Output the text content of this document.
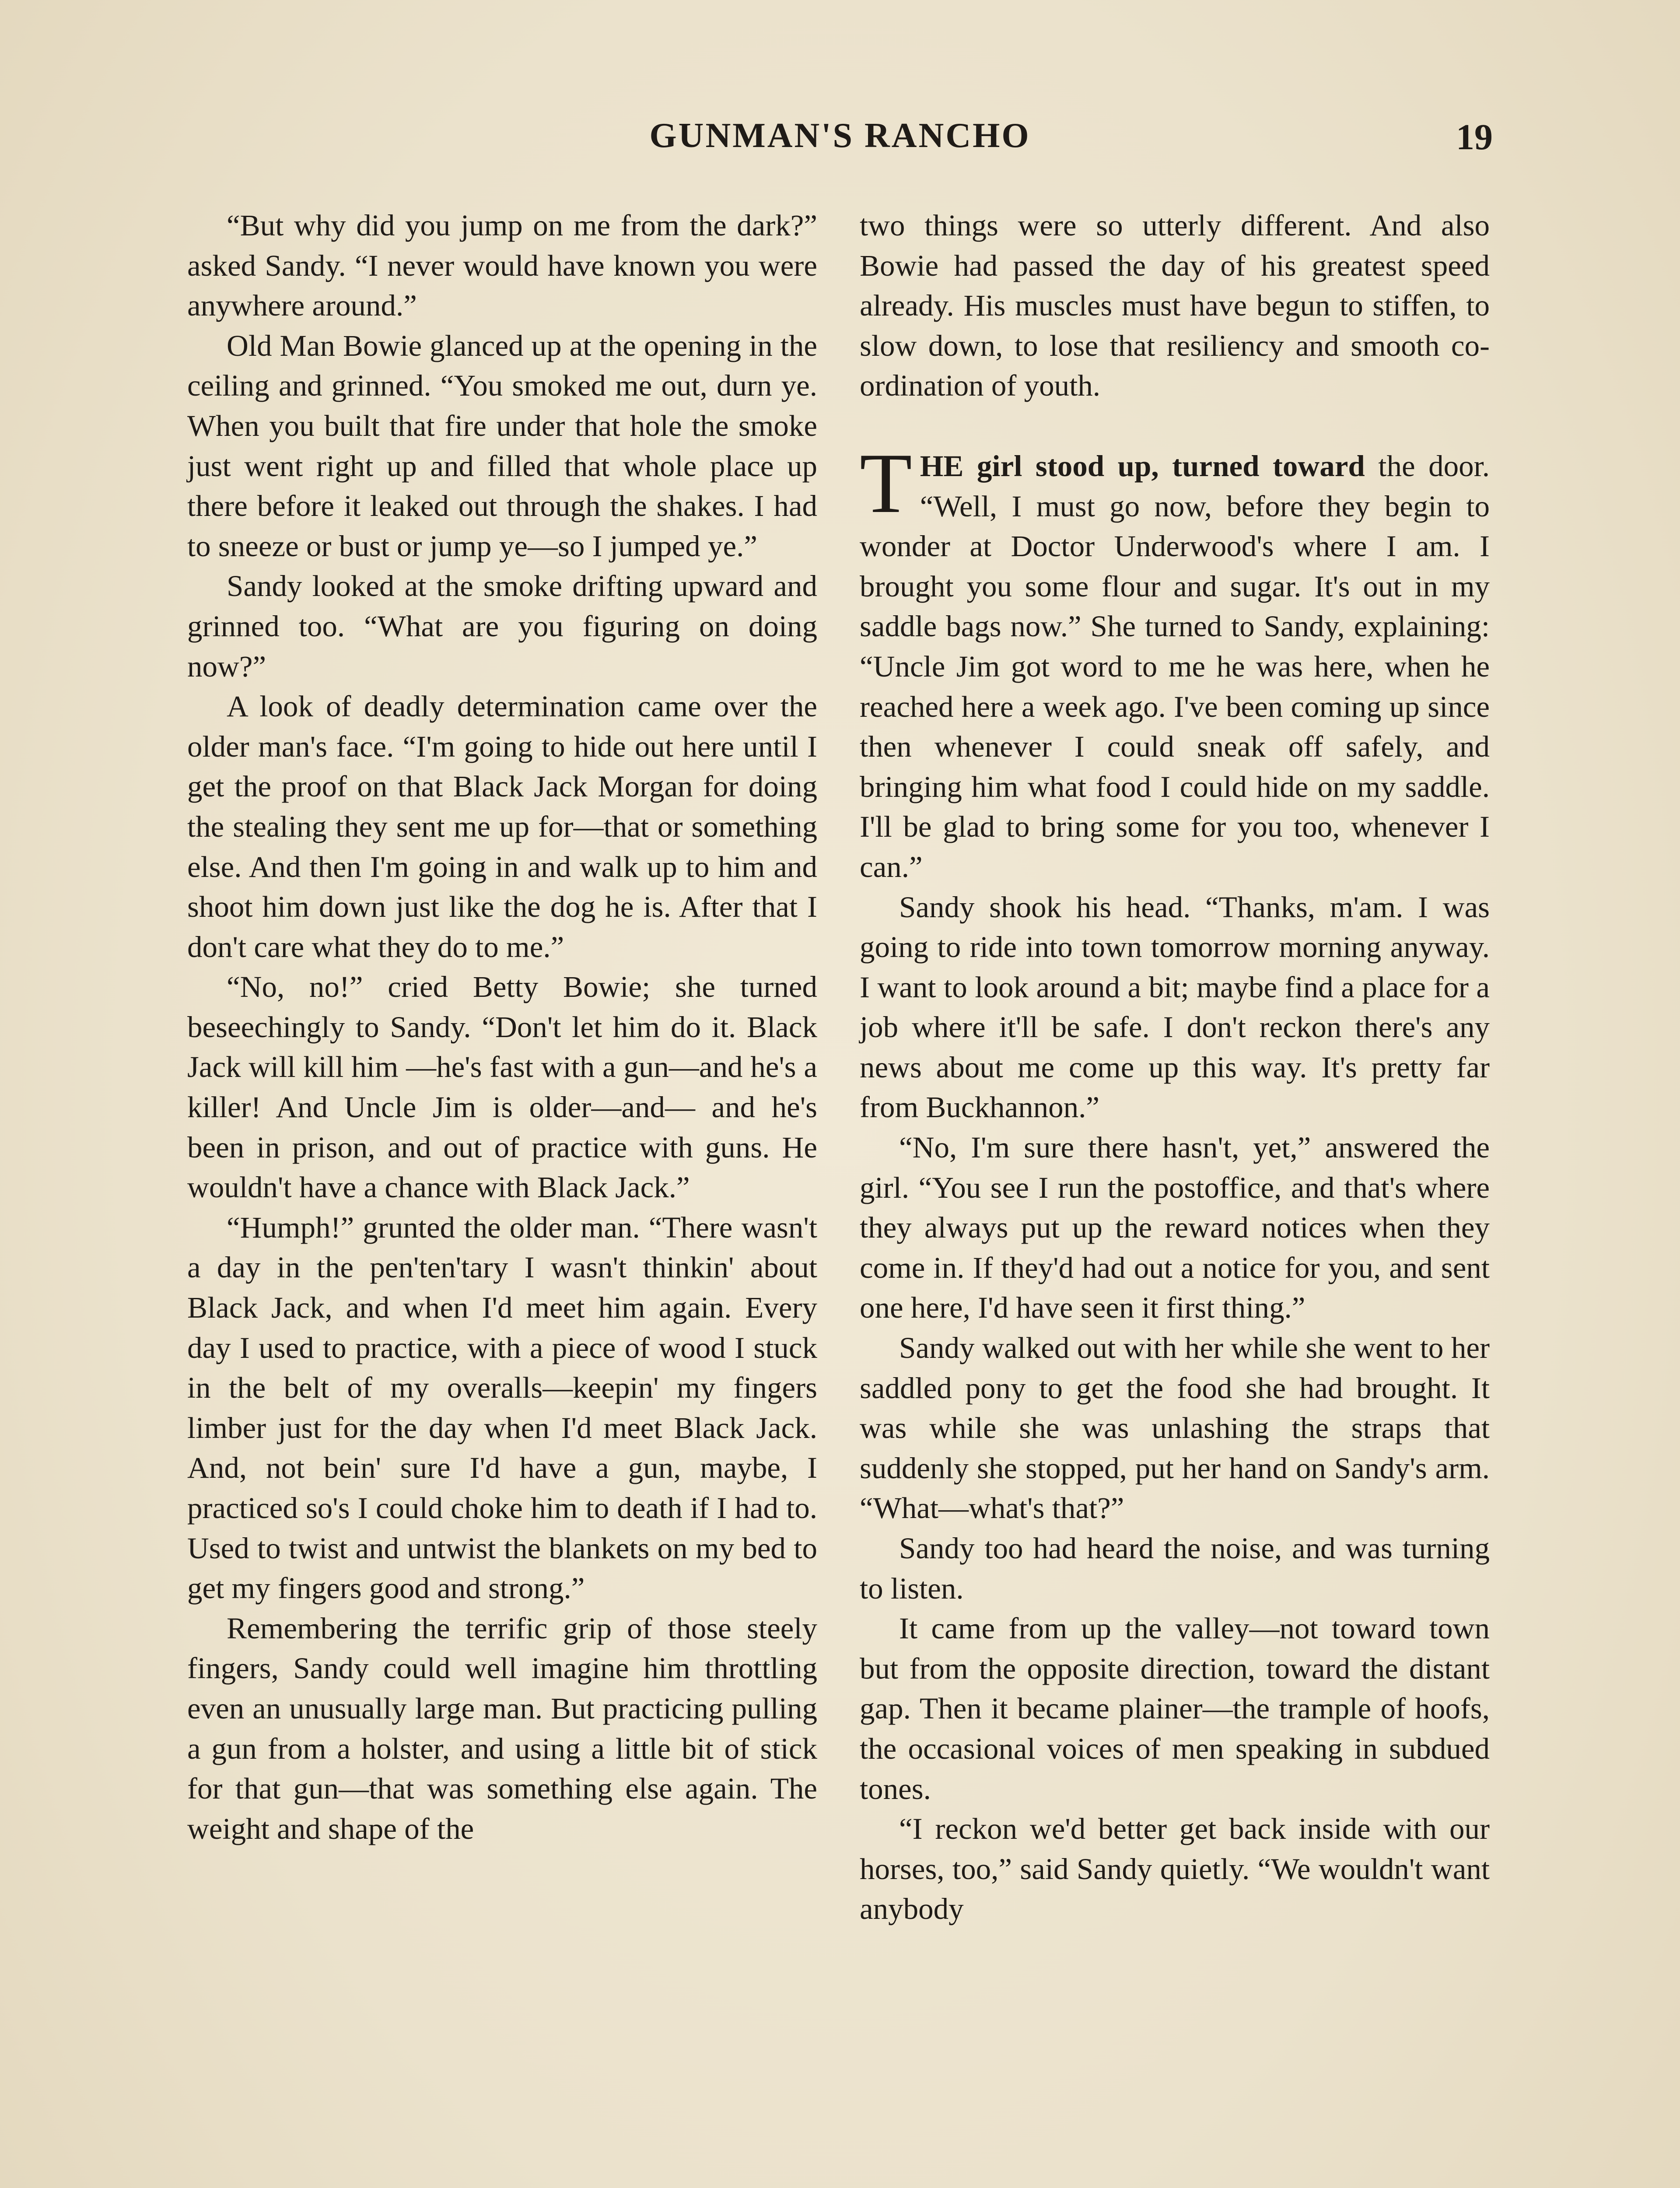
GUNMAN'S RANCHO	19

“But why did you jump on me from the dark?” asked Sandy. “I never would have known you were anywhere around.”

Old Man Bowie glanced up at the opening in the ceiling and grinned. “You smoked me out, durn ye. When you built that fire under that hole the smoke just went right up and filled that whole place up there before it leaked out through the shakes. I had to sneeze or bust or jump ye—so I jumped ye.”

Sandy looked at the smoke drifting upward and grinned too. “What are you figuring on doing now?”

A look of deadly determination came over the older man's face. “I'm going to hide out here until I get the proof on that Black Jack Morgan for doing the stealing they sent me up for—that or something else. And then I'm going in and walk up to him and shoot him down just like the dog he is. After that I don't care what they do to me.”

“No, no!” cried Betty Bowie; she turned beseechingly to Sandy. “Don't let him do it. Black Jack will kill him —he's fast with a gun—and he's a killer! And Uncle Jim is older—and— and he's been in prison, and out of practice with guns. He wouldn't have a chance with Black Jack.”

“Humph!” grunted the older man. “There wasn't a day in the pen'ten'tary I wasn't thinkin' about Black Jack, and when I'd meet him again. Every day I used to practice, with a piece of wood I stuck in the belt of my overalls—keepin' my fingers limber just for the day when I'd meet Black Jack. And, not bein' sure I'd have a gun, maybe, I practiced so's I could choke him to death if I had to. Used to twist and untwist the blankets on my bed to get my fingers good and strong.”

Remembering the terrific grip of those steely fingers, Sandy could well imagine him throttling even an unusually large man. But practicing pulling a gun from a holster, and using a little bit of stick for that gun—that was something else again. The weight and shape of the

two things were so utterly different. And also Bowie had passed the day of his greatest speed already. His muscles must have begun to stiffen, to slow down, to lose that resiliency and smooth co-ordination of youth.

THE girl stood up, turned toward the door. “Well, I must go now, before they begin to wonder at Doctor Underwood's where I am. I brought you some flour and sugar. It's out in my saddle bags now.” She turned to Sandy, explaining: “Uncle Jim got word to me he was here, when he reached here a week ago. I've been coming up since then whenever I could sneak off safely, and bringing him what food I could hide on my saddle. I'll be glad to bring some for you too, whenever I can.”

Sandy shook his head. “Thanks, m'am. I was going to ride into town tomorrow morning anyway. I want to look around a bit; maybe find a place for a job where it'll be safe. I don't reckon there's any news about me come up this way. It's pretty far from Buckhannon.”

“No, I'm sure there hasn't, yet,” answered the girl. “You see I run the postoffice, and that's where they always put up the reward notices when they come in. If they'd had out a notice for you, and sent one here, I'd have seen it first thing.”

Sandy walked out with her while she went to her saddled pony to get the food she had brought. It was while she was unlashing the straps that suddenly she stopped, put her hand on Sandy's arm. “What—what's that?”

Sandy too had heard the noise, and was turning to listen.

It came from up the valley—not toward town but from the opposite direction, toward the distant gap. Then it became plainer—the trample of hoofs, the occasional voices of men speaking in subdued tones.

“I reckon we'd better get back inside with our horses, too,” said Sandy quietly. “We wouldn't want anybody
